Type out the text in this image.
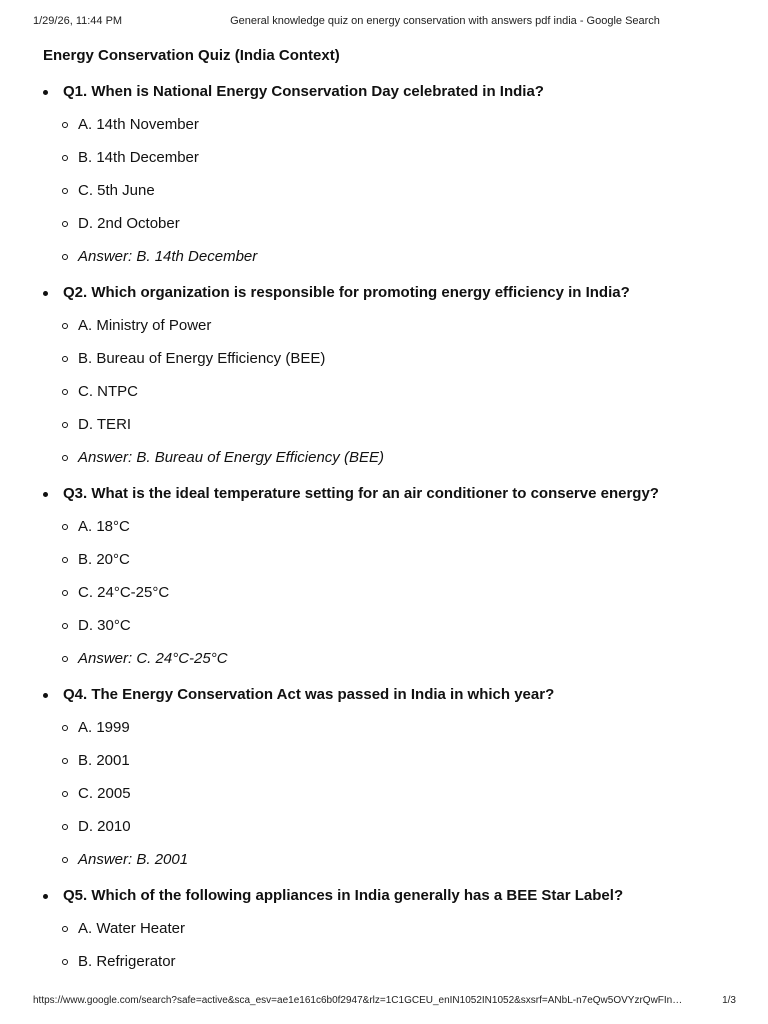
1/29/26, 11:44 PM	General knowledge quiz on energy conservation with answers pdf india - Google Search
Energy Conservation Quiz (India Context)
Q1. When is National Energy Conservation Day celebrated in India?
A. 14th November
B. 14th December
C. 5th June
D. 2nd October
Answer: B. 14th December
Q2. Which organization is responsible for promoting energy efficiency in India?
A. Ministry of Power
B. Bureau of Energy Efficiency (BEE)
C. NTPC
D. TERI
Answer: B. Bureau of Energy Efficiency (BEE)
Q3. What is the ideal temperature setting for an air conditioner to conserve energy?
A. 18°C
B. 20°C
C. 24°C-25°C
D. 30°C
Answer: C. 24°C-25°C
Q4. The Energy Conservation Act was passed in India in which year?
A. 1999
B. 2001
C. 2005
D. 2010
Answer: B. 2001
Q5. Which of the following appliances in India generally has a BEE Star Label?
A. Water Heater
B. Refrigerator
https://www.google.com/search?safe=active&sca_esv=ae1e161c6b0f2947&rlz=1C1GCEU_enIN1052IN1052&sxsrf=ANbL-n7eQw5OVYzrQwFIn…	1/3
